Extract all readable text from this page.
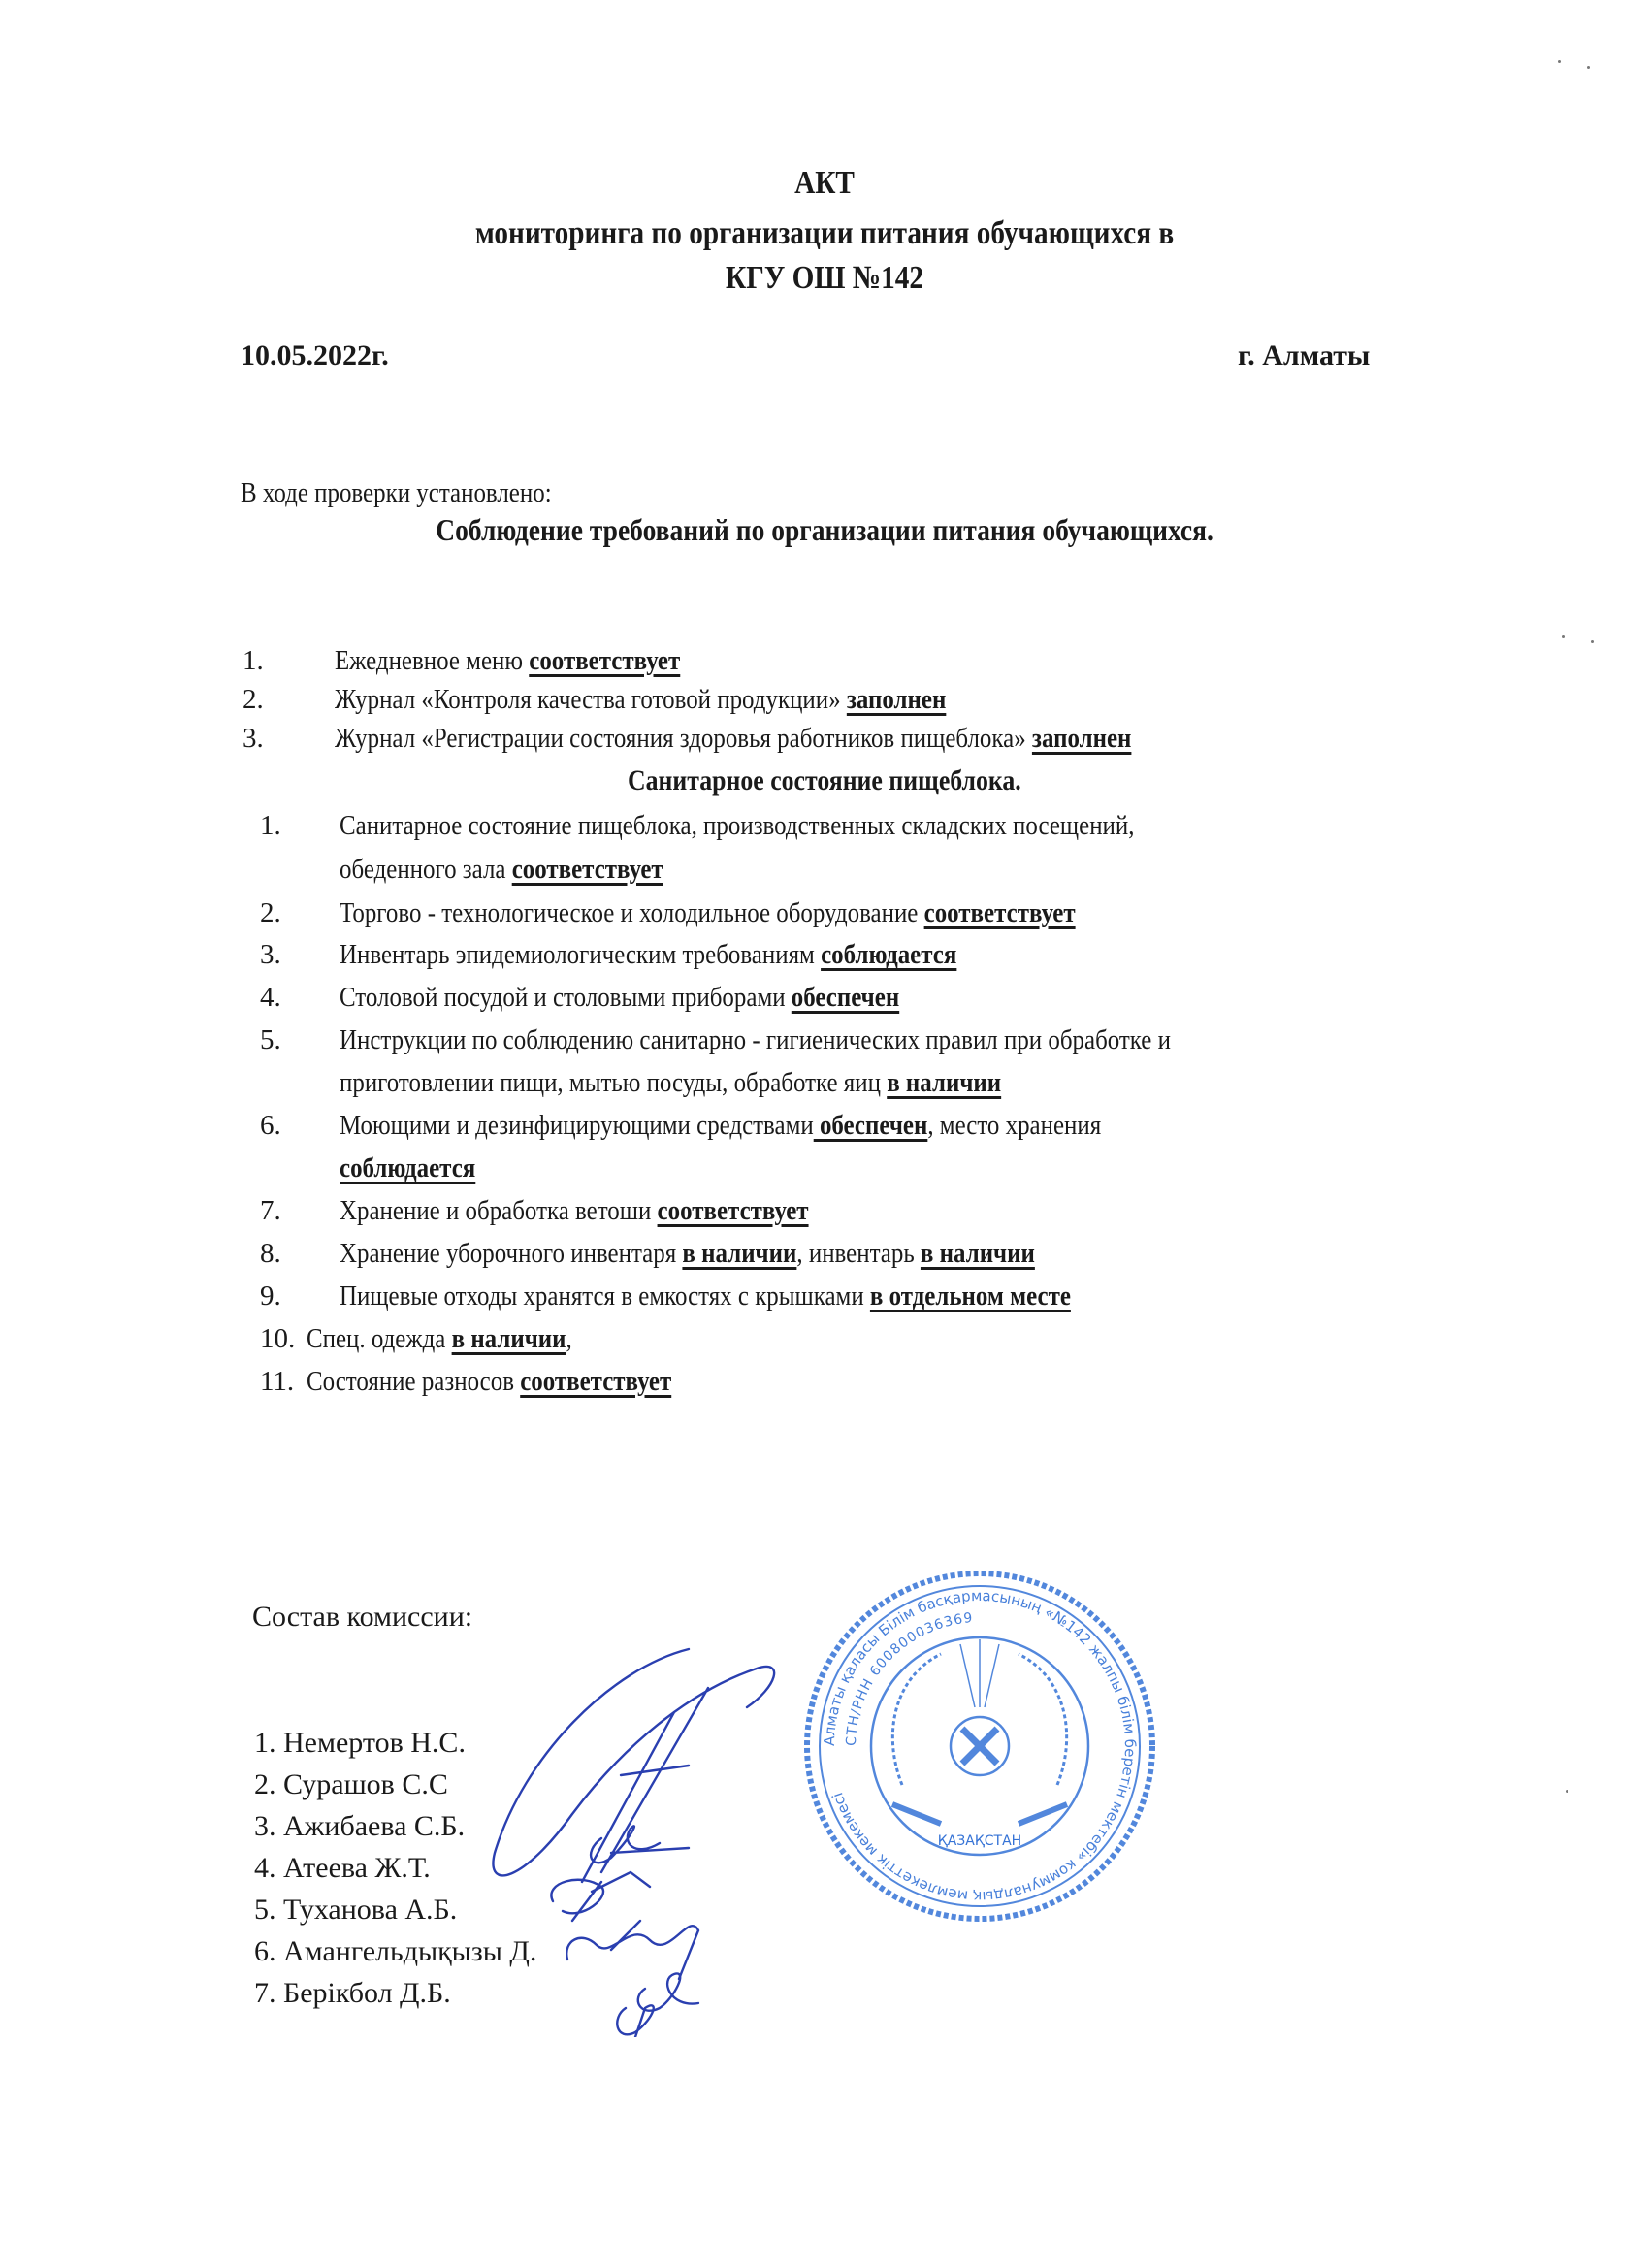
АКТ
мониторинга по организации питания обучающихся в
КГУ ОШ №142
10.05.2022г.	г. Алматы
В ходе проверки установлено:
Соблюдение требований по организации питания обучающихся.
1.	Ежедневное меню соответствует
2.	Журнал «Контроля качества готовой продукции» заполнен
3.	Журнал «Регистрации состояния здоровья работников пищеблока» заполнен
Санитарное состояние пищеблока.
1. Санитарное состояние пищеблока, производственных складских посещений,
обеденного зала соответствует
2. Торгово - технологическое и холодильное оборудование соответствует
3. Инвентарь эпидемиологическим требованиям соблюдается
4. Столовой посудой и столовыми приборами обеспечен
5. Инструкции по соблюдению санитарно - гигиенических правил при обработке и
приготовлении пищи, мытью посуды, обработке яиц в наличии
6. Моющими и дезинфицирующими средствами обеспечен, место хранения
соблюдается
7. Хранение и обработка ветоши соответствует
8. Хранение уборочного инвентаря в наличии, инвентарь в наличии
9. Пищевые отходы хранятся в емкостях с крышками в отдельном месте
10. Спец. одежда в наличии,
11. Состояние разносов соответствует
Состав комиссии:
1. Немертов Н.С.
2. Сурашов С.С
3. Ажибаева С.Б.
4. Атеева Ж.Т.
5. Туханова А.Б.
6. Амангельдықызы Д.
7. Берікбол Д.Б.
Алматы қаласы Білім басқармасының «№142 жалпы білім беретін мектебі» коммуналдық мемлекеттік мекемесі
СТН/РНН 600800036369
ҚАЗАҚСТАН
